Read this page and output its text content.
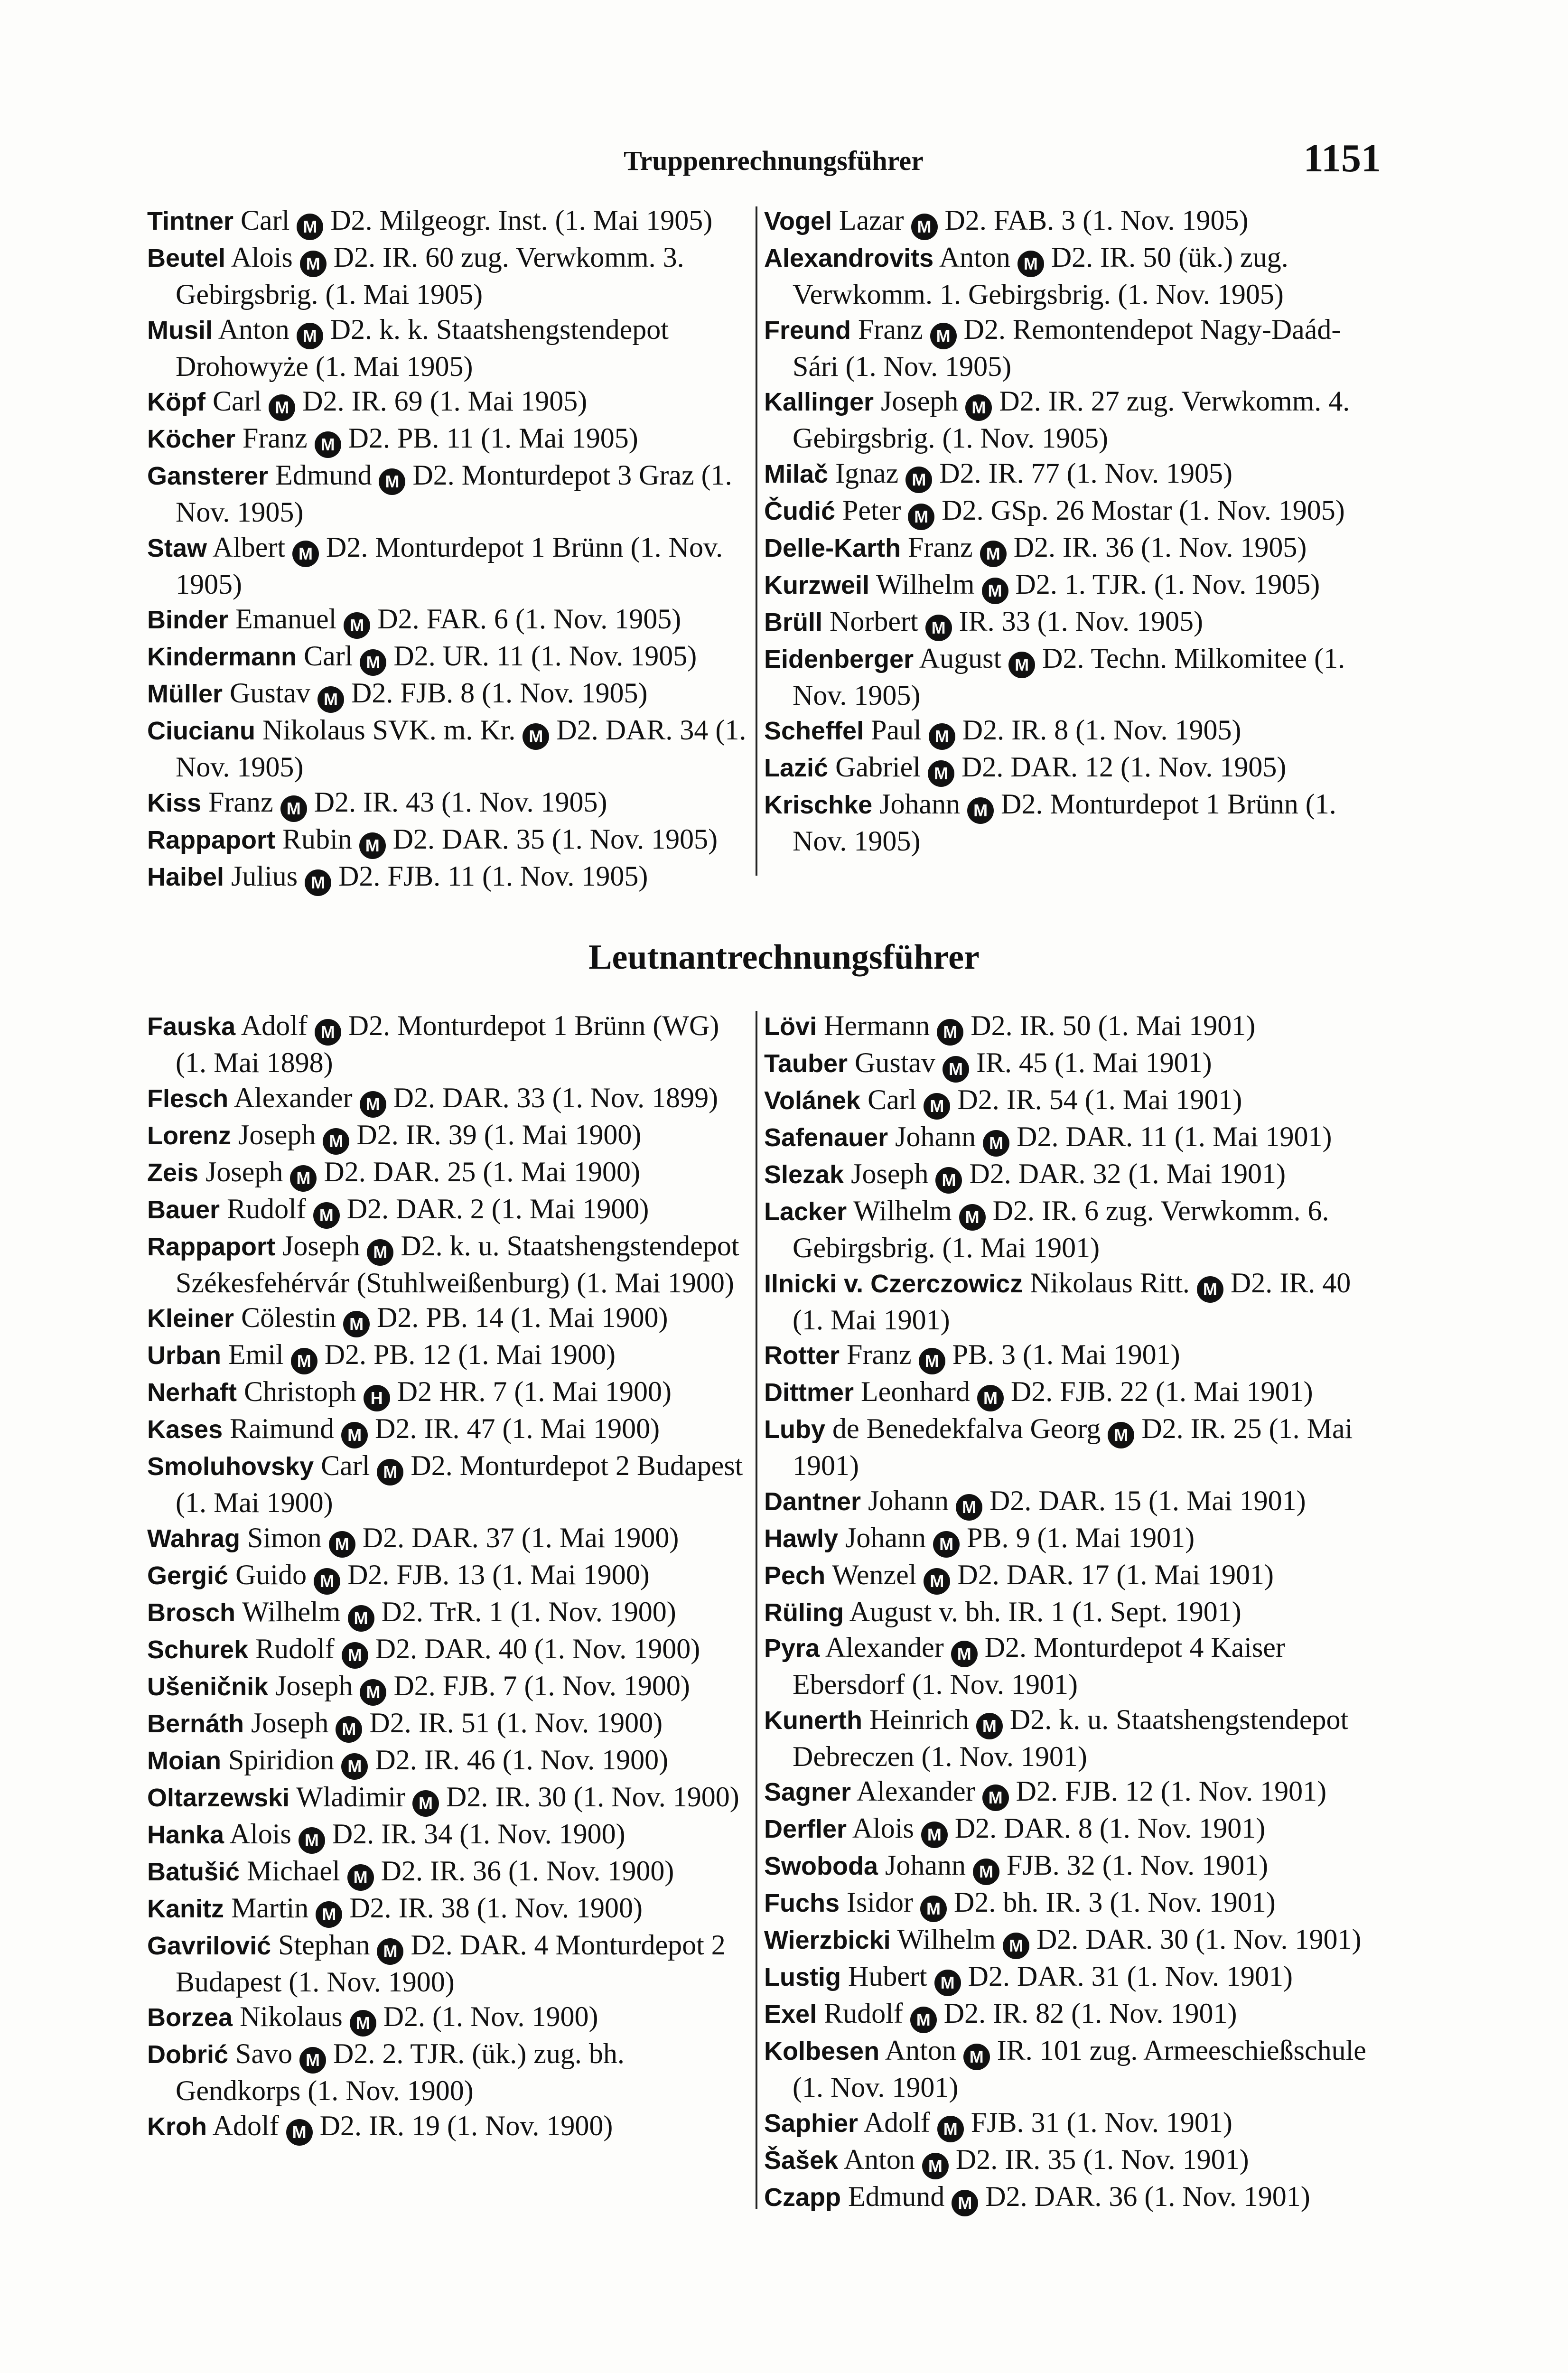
Truppenrechnungsführer	1151
Tintner Carl M D2. Milgeogr. Inst. (1. Mai 1905)
Beutel Alois M D2. IR. 60 zug. Verwkomm. 3. Gebirgsbrig. (1. Mai 1905)
Musil Anton M D2. k. k. Staatshengstendepot Drohowyże (1. Mai 1905)
Köpf Carl M D2. IR. 69 (1. Mai 1905)
Köcher Franz M D2. PB. 11 (1. Mai 1905)
Gansterer Edmund M D2. Monturdepot 3 Graz (1. Nov. 1905)
Staw Albert M D2. Monturdepot 1 Brünn (1. Nov. 1905)
Binder Emanuel M D2. FAR. 6 (1. Nov. 1905)
Kindermann Carl M D2. UR. 11 (1. Nov. 1905)
Müller Gustav M D2. FJB. 8 (1. Nov. 1905)
Ciucianu Nikolaus SVK. m. Kr. M D2. DAR. 34 (1. Nov. 1905)
Kiss Franz M D2. IR. 43 (1. Nov. 1905)
Rappaport Rubin M D2. DAR. 35 (1. Nov. 1905)
Haibel Julius M D2. FJB. 11 (1. Nov. 1905)
Vogel Lazar M D2. FAB. 3 (1. Nov. 1905)
Alexandrovits Anton M D2. IR. 50 (ük.) zug. Verwkomm. 1. Gebirgsbrig. (1. Nov. 1905)
Freund Franz M D2. Remontendepot Nagy-Daád-Sári (1. Nov. 1905)
Kallinger Joseph M D2. IR. 27 zug. Verwkomm. 4. Gebirgsbrig. (1. Nov. 1905)
Milač Ignaz M D2. IR. 77 (1. Nov. 1905)
Čudić Peter M D2. GSp. 26 Mostar (1. Nov. 1905)
Delle-Karth Franz M D2. IR. 36 (1. Nov. 1905)
Kurzweil Wilhelm M D2. 1. TJR. (1. Nov. 1905)
Brüll Norbert M IR. 33 (1. Nov. 1905)
Eidenberger August M D2. Techn. Milkomitee (1. Nov. 1905)
Scheffel Paul M D2. IR. 8 (1. Nov. 1905)
Lazić Gabriel M D2. DAR. 12 (1. Nov. 1905)
Krischke Johann M D2. Monturdepot 1 Brünn (1. Nov. 1905)
Leutnantrechnungsführer
Fauska Adolf M D2. Monturdepot 1 Brünn (WG) (1. Mai 1898)
Flesch Alexander M D2. DAR. 33 (1. Nov. 1899)
Lorenz Joseph M D2. IR. 39 (1. Mai 1900)
Zeis Joseph M D2. DAR. 25 (1. Mai 1900)
Bauer Rudolf M D2. DAR. 2 (1. Mai 1900)
Rappaport Joseph M D2. k. u. Staatshengstendepot Székesfehérvár (Stuhlweißenburg) (1. Mai 1900)
Kleiner Cölestin M D2. PB. 14 (1. Mai 1900)
Urban Emil M D2. PB. 12 (1. Mai 1900)
Nerhaft Christoph H D2 HR. 7 (1. Mai 1900)
Kases Raimund M D2. IR. 47 (1. Mai 1900)
Smoluhovsky Carl M D2. Monturdepot 2 Budapest (1. Mai 1900)
Wahrag Simon M D2. DAR. 37 (1. Mai 1900)
Gergić Guido M D2. FJB. 13 (1. Mai 1900)
Brosch Wilhelm M D2. TrR. 1 (1. Nov. 1900)
Schurek Rudolf M D2. DAR. 40 (1. Nov. 1900)
Ušeničnik Joseph M D2. FJB. 7 (1. Nov. 1900)
Bernáth Joseph M D2. IR. 51 (1. Nov. 1900)
Moian Spiridion M D2. IR. 46 (1. Nov. 1900)
Oltarzewski Wladimir M D2. IR. 30 (1. Nov. 1900)
Hanka Alois M D2. IR. 34 (1. Nov. 1900)
Batušić Michael M D2. IR. 36 (1. Nov. 1900)
Kanitz Martin M D2. IR. 38 (1. Nov. 1900)
Gavrilović Stephan M D2. DAR. 4 Monturdepot 2 Budapest (1. Nov. 1900)
Borzea Nikolaus M D2. (1. Nov. 1900)
Dobrić Savo M D2. 2. TJR. (ük.) zug. bh. Gendkorps (1. Nov. 1900)
Kroh Adolf M D2. IR. 19 (1. Nov. 1900)
Lövi Hermann M D2. IR. 50 (1. Mai 1901)
Tauber Gustav M IR. 45 (1. Mai 1901)
Volánek Carl M D2. IR. 54 (1. Mai 1901)
Safenauer Johann M D2. DAR. 11 (1. Mai 1901)
Slezak Joseph M D2. DAR. 32 (1. Mai 1901)
Lacker Wilhelm M D2. IR. 6 zug. Verwkomm. 6. Gebirgsbrig. (1. Mai 1901)
Ilnicki v. Czerczowicz Nikolaus Ritt. M D2. IR. 40 (1. Mai 1901)
Rotter Franz M PB. 3 (1. Mai 1901)
Dittmer Leonhard M D2. FJB. 22 (1. Mai 1901)
Luby de Benedekfalva Georg M D2. IR. 25 (1. Mai 1901)
Dantner Johann M D2. DAR. 15 (1. Mai 1901)
Hawly Johann M PB. 9 (1. Mai 1901)
Pech Wenzel M D2. DAR. 17 (1. Mai 1901)
Rüling August v. bh. IR. 1 (1. Sept. 1901)
Pyra Alexander M D2. Monturdepot 4 Kaiser Ebersdorf (1. Nov. 1901)
Kunerth Heinrich M D2. k. u. Staatshengstendepot Debreczen (1. Nov. 1901)
Sagner Alexander M D2. FJB. 12 (1. Nov. 1901)
Derfler Alois M D2. DAR. 8 (1. Nov. 1901)
Swoboda Johann M FJB. 32 (1. Nov. 1901)
Fuchs Isidor M D2. bh. IR. 3 (1. Nov. 1901)
Wierzbicki Wilhelm M D2. DAR. 30 (1. Nov. 1901)
Lustig Hubert M D2. DAR. 31 (1. Nov. 1901)
Exel Rudolf M D2. IR. 82 (1. Nov. 1901)
Kolbesen Anton M IR. 101 zug. Armeeschießschule (1. Nov. 1901)
Saphier Adolf M FJB. 31 (1. Nov. 1901)
Šašek Anton M D2. IR. 35 (1. Nov. 1901)
Czapp Edmund M D2. DAR. 36 (1. Nov. 1901)
